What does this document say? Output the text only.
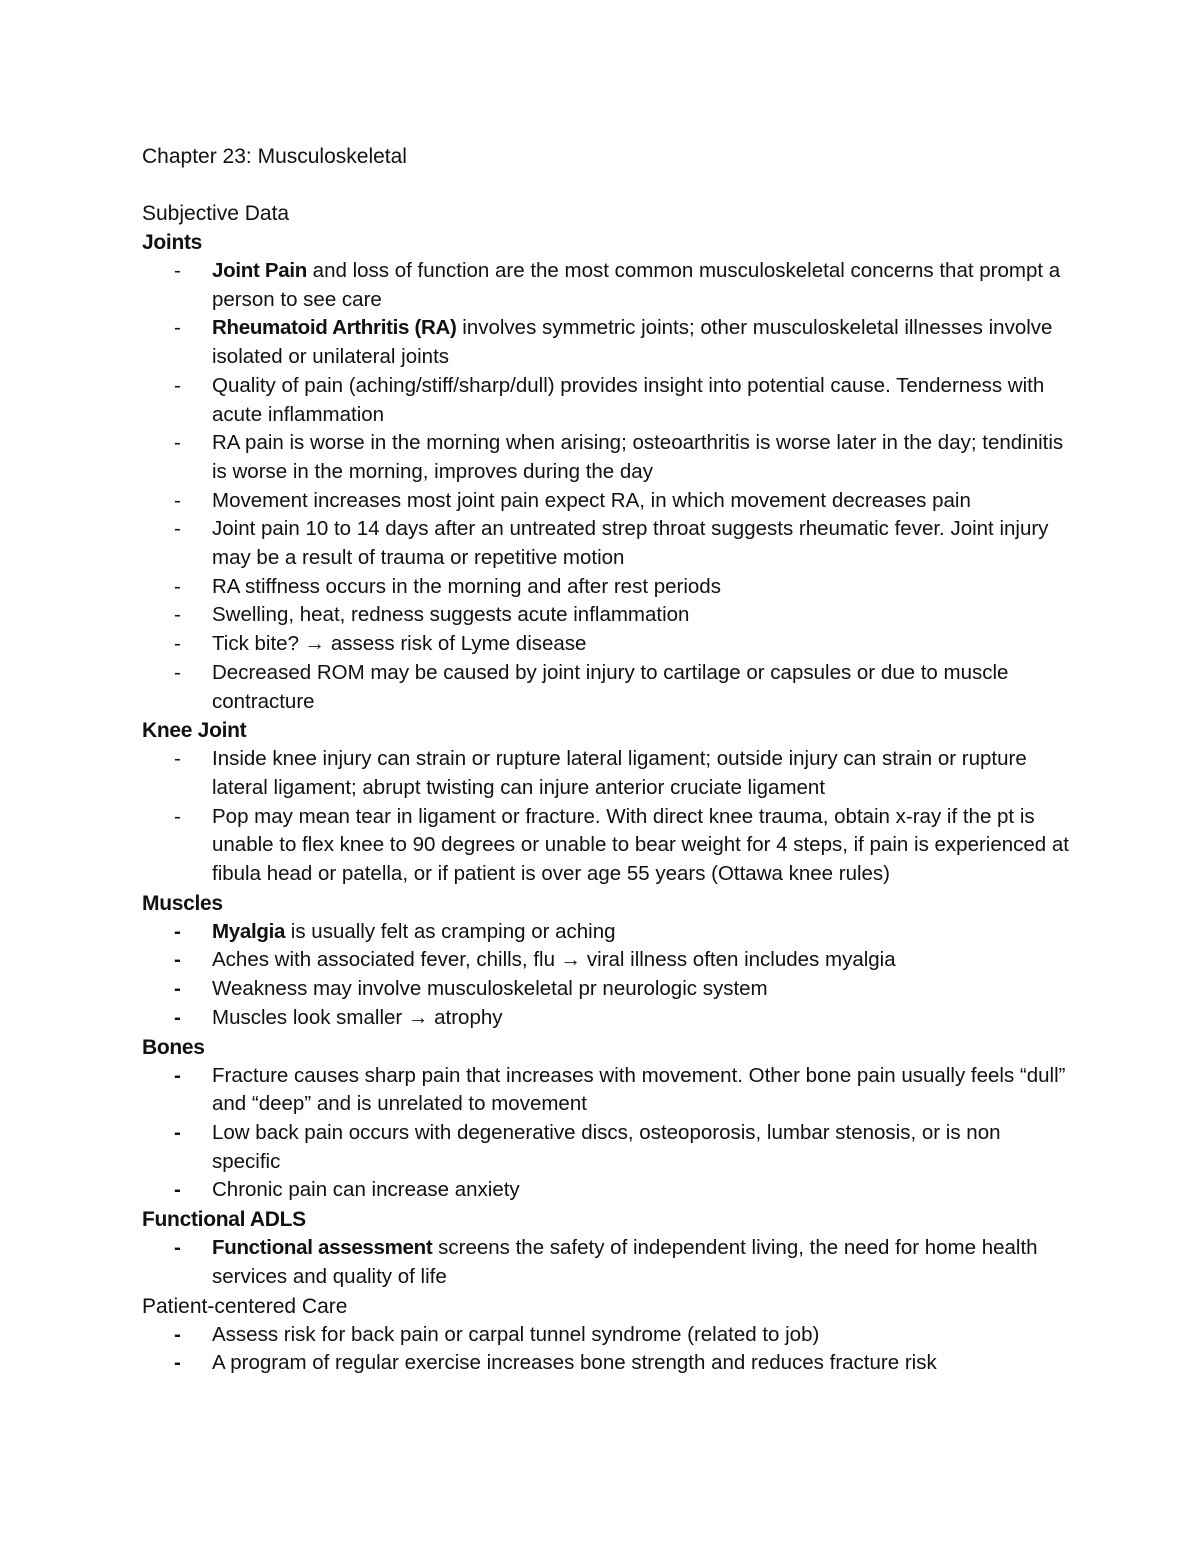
Chapter 23: Musculoskeletal

Subjective Data

Joints

- Joint Pain and loss of function are the most common musculoskeletal concerns that prompt a person to see care
- Rheumatoid Arthritis (RA) involves symmetric joints; other musculoskeletal illnesses involve isolated or unilateral joints
- Quality of pain (aching/stiff/sharp/dull) provides insight into potential cause. Tenderness with acute inflammation
- RA pain is worse in the morning when arising; osteoarthritis is worse later in the day; tendinitis is worse in the morning, improves during the day
- Movement increases most joint pain expect RA, in which movement decreases pain
- Joint pain 10 to 14 days after an untreated strep throat suggests rheumatic fever. Joint injury may be a result of trauma or repetitive motion
- RA stiffness occurs in the morning and after rest periods
- Swelling, heat, redness suggests acute inflammation
- Tick bite? → assess risk of Lyme disease
- Decreased ROM may be caused by joint injury to cartilage or capsules or due to muscle contracture

Knee Joint

- Inside knee injury can strain or rupture lateral ligament; outside injury can strain or rupture lateral ligament; abrupt twisting can injure anterior cruciate ligament
- Pop may mean tear in ligament or fracture. With direct knee trauma, obtain x-ray if the pt is unable to flex knee to 90 degrees or unable to bear weight for 4 steps, if pain is experienced at fibula head or patella, or if patient is over age 55 years (Ottawa knee rules)

Muscles

- Myalgia is usually felt as cramping or aching
- Aches with associated fever, chills, flu → viral illness often includes myalgia
- Weakness may involve musculoskeletal pr neurologic system
- Muscles look smaller → atrophy

Bones

- Fracture causes sharp pain that increases with movement. Other bone pain usually feels “dull” and “deep” and is unrelated to movement
- Low back pain occurs with degenerative discs, osteoporosis, lumbar stenosis, or is non specific
- Chronic pain can increase anxiety

Functional ADLS

- Functional assessment screens the safety of independent living, the need for home health services and quality of life

Patient-centered Care

- Assess risk for back pain or carpal tunnel syndrome (related to job)
- A program of regular exercise increases bone strength and reduces fracture risk
